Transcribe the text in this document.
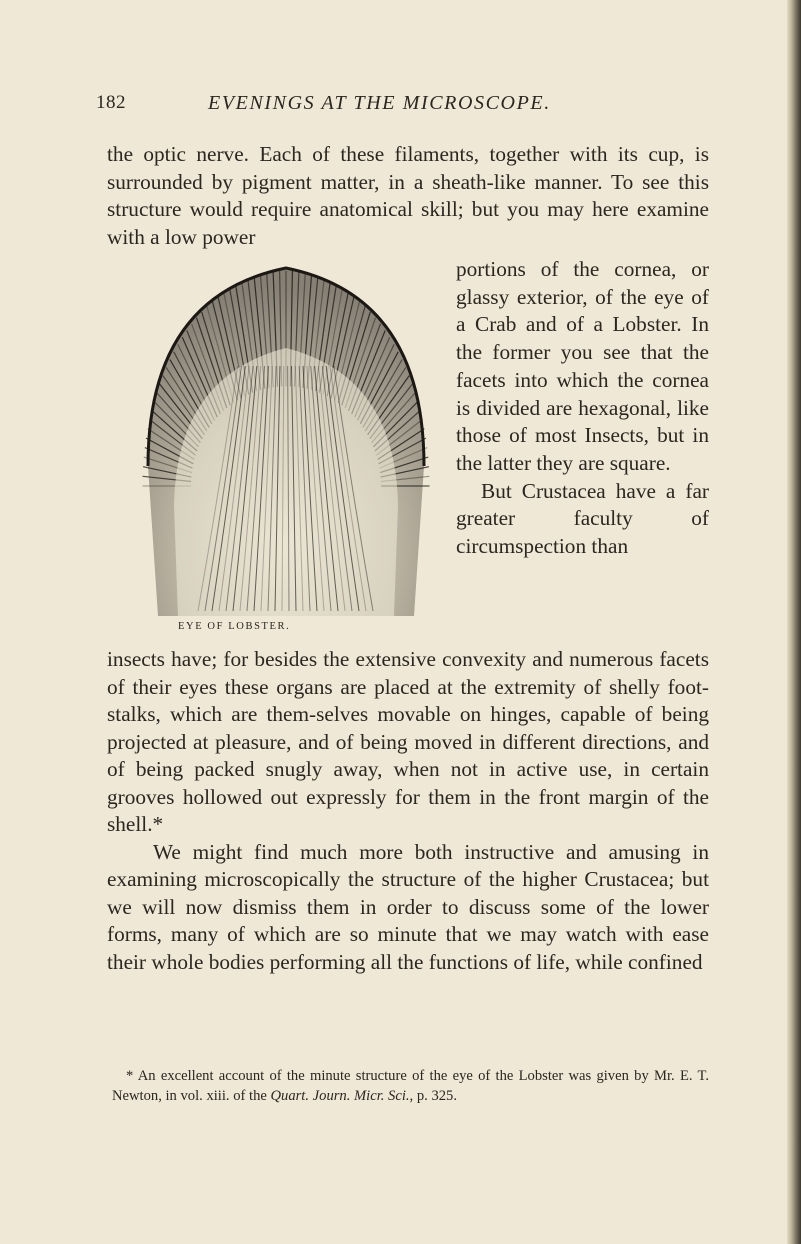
182	EVENINGS AT THE MICROSCOPE.

the optic nerve. Each of these filaments, together with its cup, is surrounded by pigment matter, in a sheath-like manner. To see this structure would require anatomical skill; but you may here examine with a low power

EYE OF LOBSTER.

portions of the cornea, or glassy exterior, of the eye of a Crab and of a Lobster. In the former you see that the facets into which the cornea is divided are hexagonal, like those of most Insects, but in the latter they are square.

But Crustacea have a far greater faculty of circumspection than

insects have; for besides the extensive convexity and numerous facets of their eyes these organs are placed at the extremity of shelly foot-stalks, which are them-selves movable on hinges, capable of being projected at pleasure, and of being moved in different directions, and of being packed snugly away, when not in active use, in certain grooves hollowed out expressly for them in the front margin of the shell.*

We might find much more both instructive and amusing in examining microscopically the structure of the higher Crustacea; but we will now dismiss them in order to discuss some of the lower forms, many of which are so minute that we may watch with ease their whole bodies performing all the functions of life, while confined

* An excellent account of the minute structure of the eye of the Lobster was given by Mr. E. T. Newton, in vol. xiii. of the Quart. Journ. Micr. Sci., p. 325.
